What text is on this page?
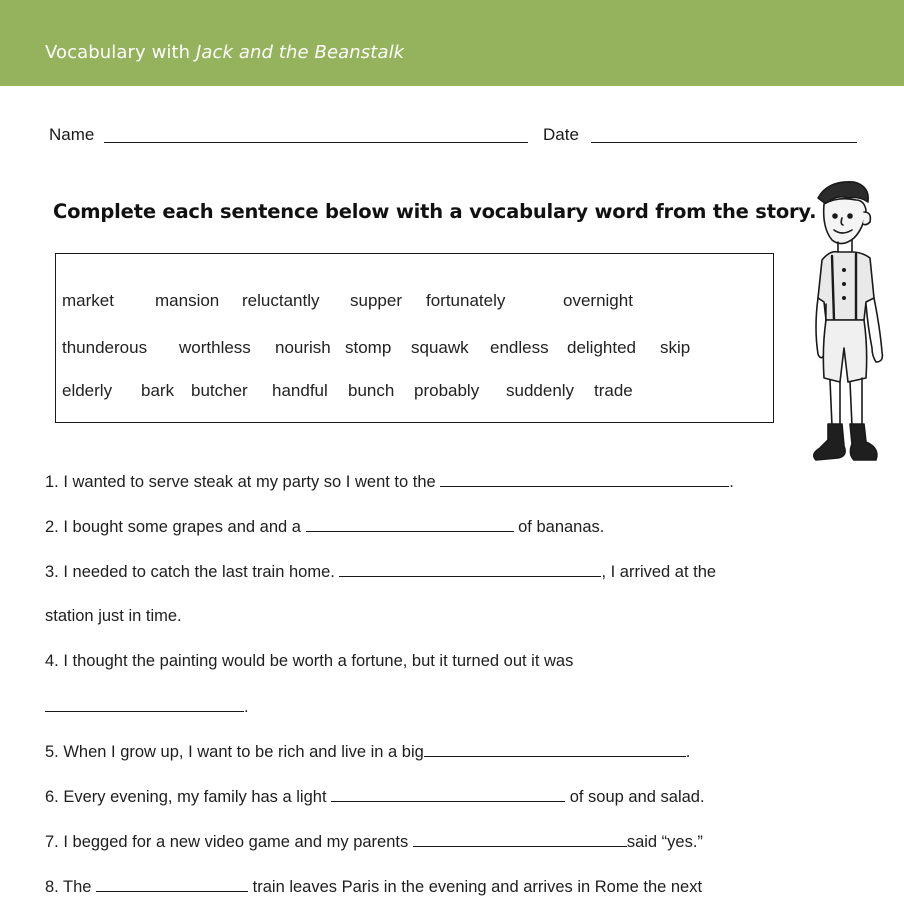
Vocabulary with Jack and the Beanstalk
Name	Date
Complete each sentence below with a vocabulary word from the story.
market mansion reluctantly supper fortunately	overnight
thunderous worthless nourish stomp squawk endless delighted skip
elderly bark butcher handful bunch probably suddenly trade
1. I wanted to serve steak at my party so I went to the	.
2. I bought some grapes and and a	of bananas.
3. I needed to catch the last train home.	, I arrived at the
station just in time.
4. I thought the painting would be worth a fortune, but it turned out it was
.
5. When I grow up, I want to be rich and live in a big	.
6. Every evening, my family has a light	of soup and salad.
7. I begged for a new video game and my parents	said “yes.”
8. The	train leaves Paris in the evening and arrives in Rome the next
